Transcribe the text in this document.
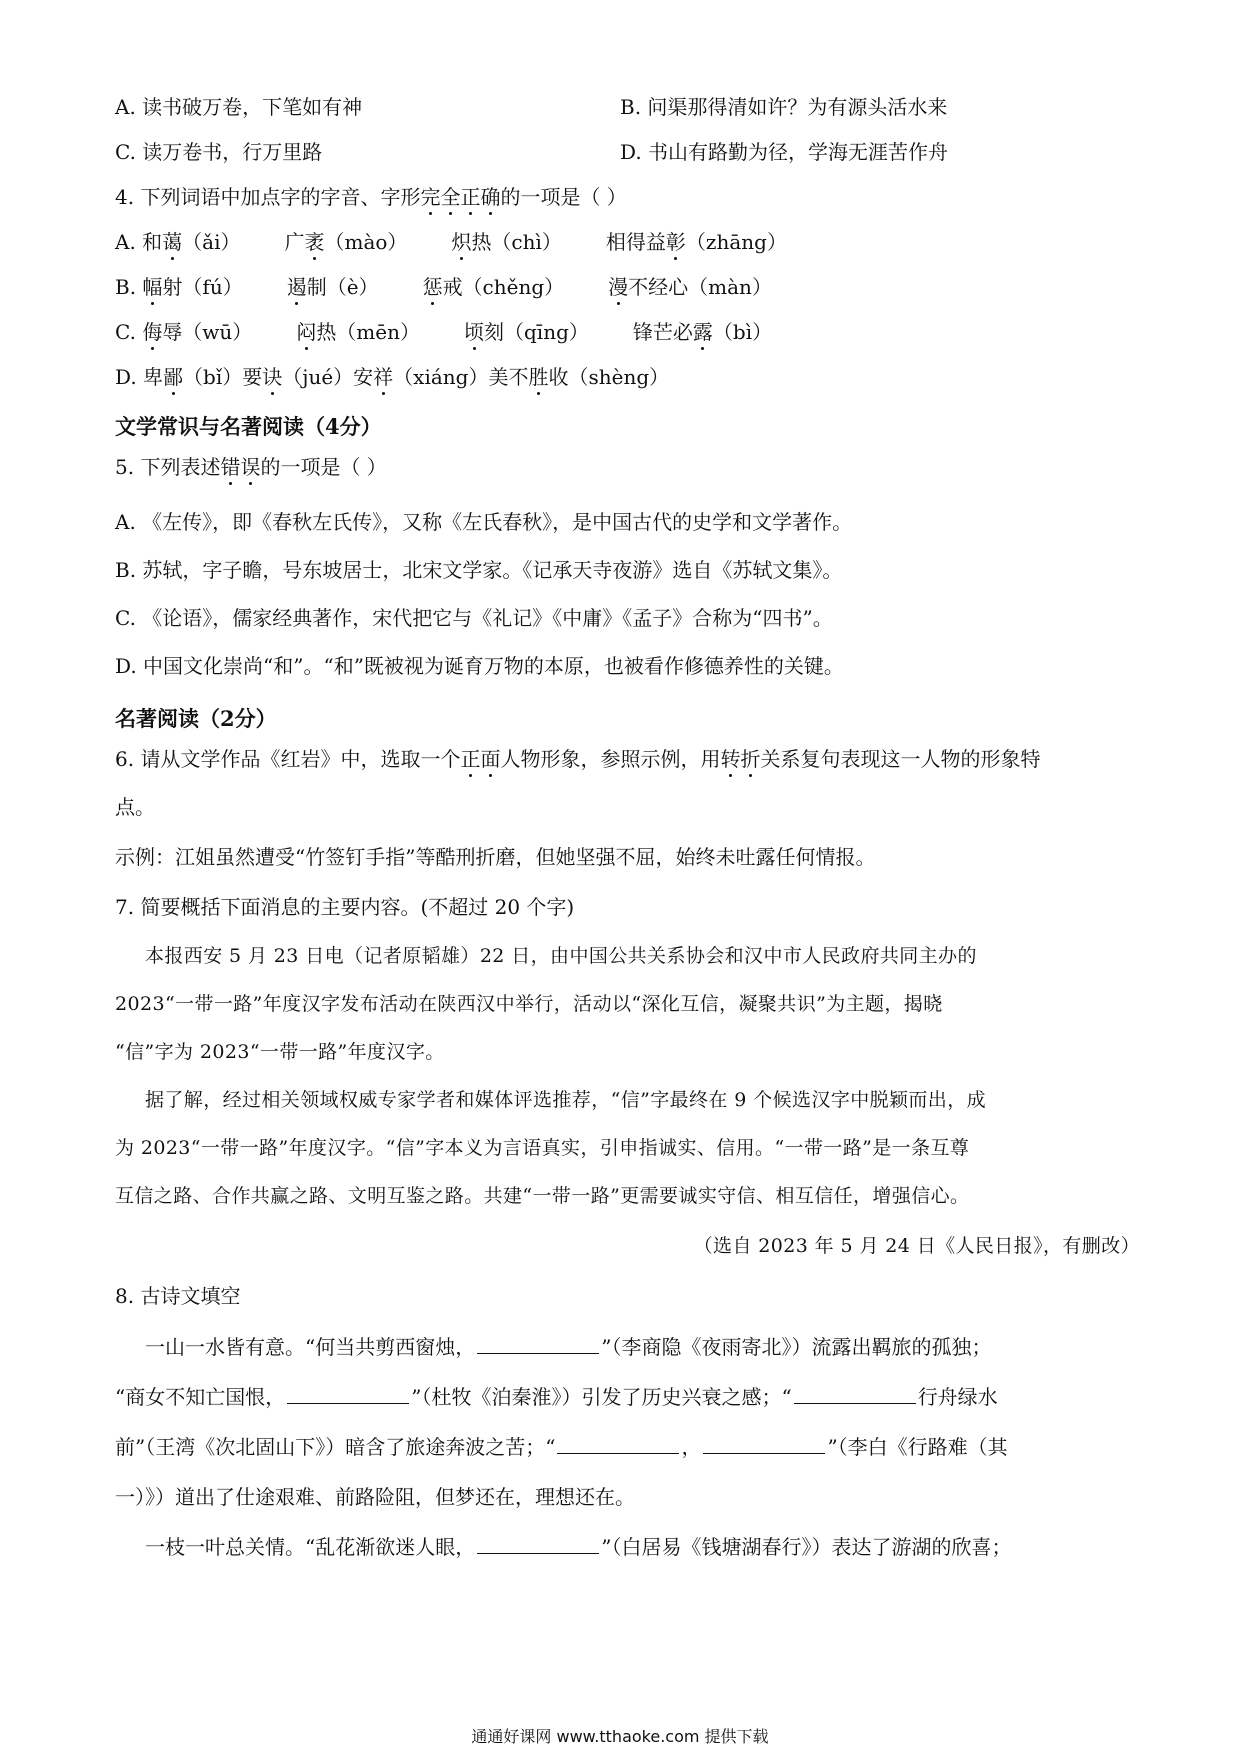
A. 读书破万卷，下笔如有神	B. 问渠那得清如许？为有源头活水来
C. 读万卷书，行万里路	D. 书山有路勤为径，学海无涯苦作舟
4. 下列词语中加点字的字音、字形完全正确的一项是（ ）
A. 和蔼（ǎi） 广袤（mào） 炽热（chì） 相得益彰（zhāng）
B. 幅射（fú） 遏制（è） 惩戒（chěng） 漫不经心（màn）
C. 侮辱（wū） 闷热（mēn） 顷刻（qīng） 锋芒必露（bì）
D. 卑鄙（bǐ）要诀（jué）安祥（xiáng）美不胜收（shèng）
文学常识与名著阅读（4分）
5. 下列表述错误的一项是（ ）
A. 《左传》，即《春秋左氏传》，又称《左氏春秋》，是中国古代的史学和文学著作。
B. 苏轼，字子瞻，号东坡居士，北宋文学家。《记承天寺夜游》选自《苏轼文集》。
C. 《论语》，儒家经典著作，宋代把它与《礼记》《中庸》《孟子》合称为“四书”。
D. 中国文化崇尚“和”。“和”既被视为诞育万物的本原，也被看作修德养性的关键。
名著阅读（2分）
6. 请从文学作品《红岩》中，选取一个正面人物形象，参照示例，用转折关系复句表现这一人物的形象特
点。
示例：江姐虽然遭受“竹签钉手指”等酷刑折磨，但她坚强不屈，始终未吐露任何情报。
7. 简要概括下面消息的主要内容。(不超过 20 个字)
本报西安 5 月 23 日电（记者原韬雄）22 日，由中国公共关系协会和汉中市人民政府共同主办的
2023“一带一路”年度汉字发布活动在陕西汉中举行，活动以“深化互信，凝聚共识”为主题，揭晓
“信”字为 2023“一带一路”年度汉字。
据了解，经过相关领域权威专家学者和媒体评选推荐，“信”字最终在 9 个候选汉字中脱颖而出，成
为 2023“一带一路”年度汉字。“信”字本义为言语真实，引申指诚实、信用。“一带一路”是一条互尊
互信之路、合作共赢之路、文明互鉴之路。共建“一带一路”更需要诚实守信、相互信任，增强信心。
（选自 2023 年 5 月 24 日《人民日报》，有删改）
8. 古诗文填空
一山一水皆有意。“何当共剪西窗烛，	”（李商隐《夜雨寄北》）流露出羁旅的孤独；
“商女不知亡国恨，	”（杜牧《泊秦淮》）引发了历史兴衰之感；“	行舟绿水
前”（王湾《次北固山下》）暗含了旅途奔波之苦；“	，	”（李白《行路难（其
一）》）道出了仕途艰难、前路险阻，但梦还在，理想还在。
一枝一叶总关情。“乱花渐欲迷人眼，	”（白居易《钱塘湖春行》）表达了游湖的欣喜；
通通好课网 www.tthaoke.com 提供下载
